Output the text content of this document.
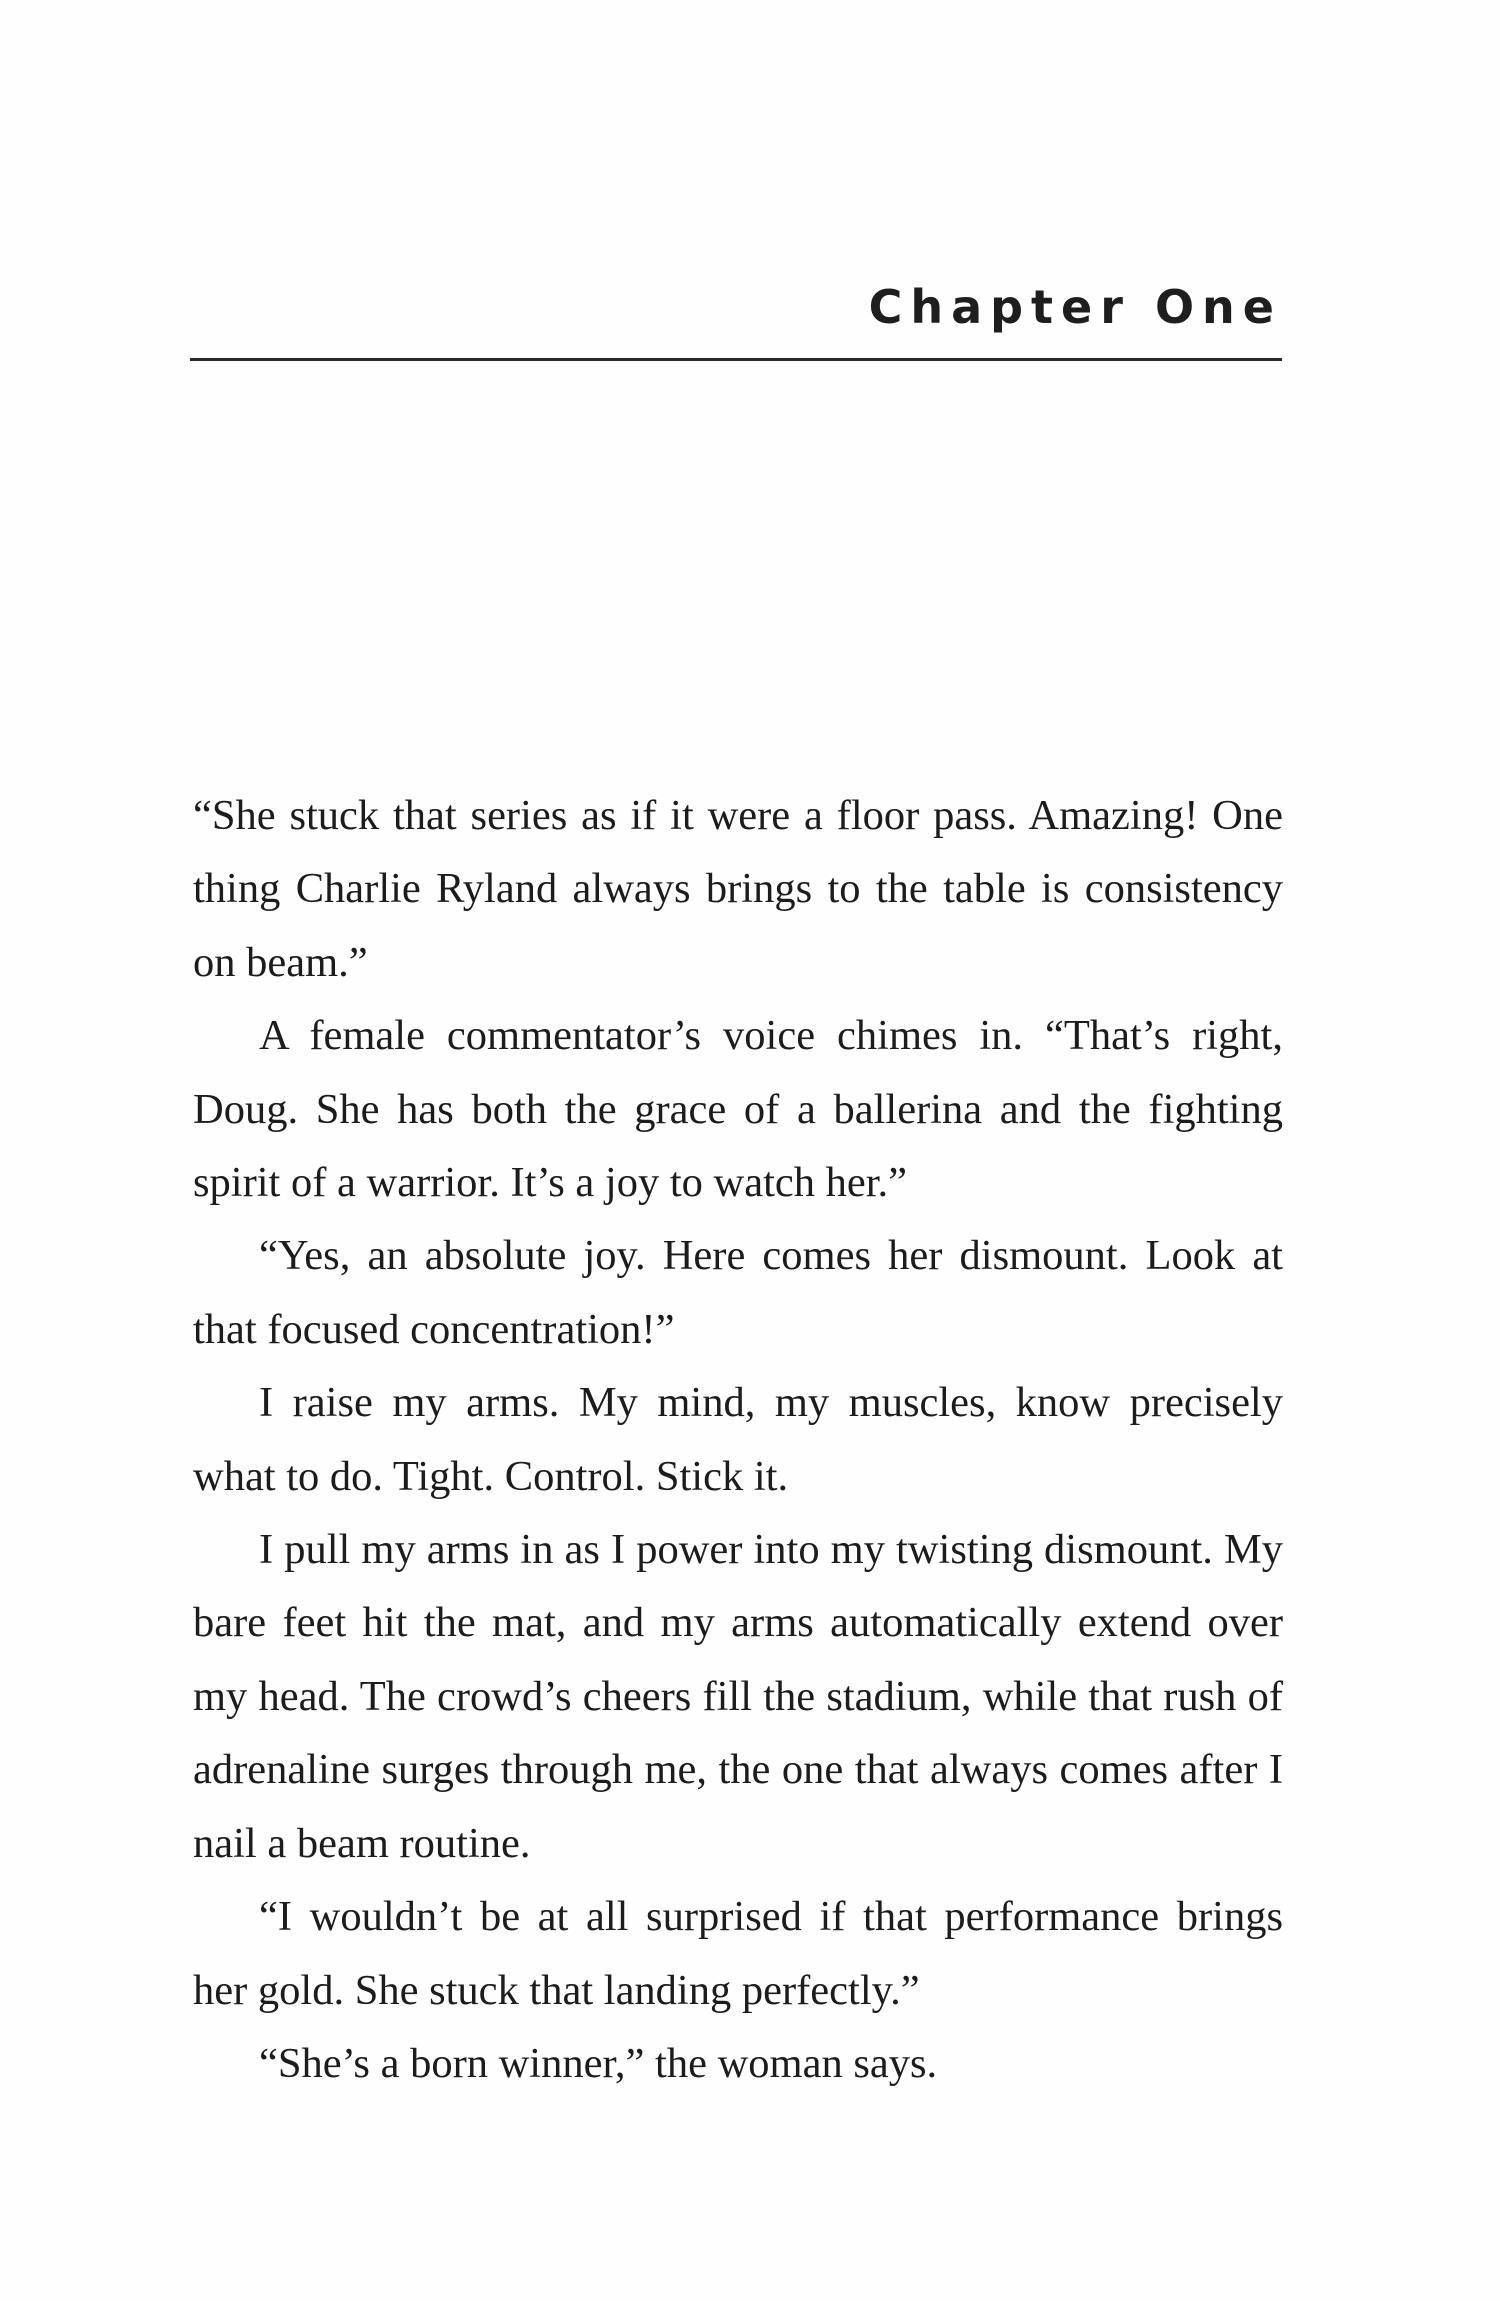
Chapter One

“She stuck that series as if it were a floor pass. Amazing! One thing Charlie Ryland always brings to the table is consistency on beam.”

A female commentator’s voice chimes in. “That’s right, Doug. She has both the grace of a ballerina and the fighting spirit of a warrior. It’s a joy to watch her.”

“Yes, an absolute joy. Here comes her dismount. Look at that focused concentration!”

I raise my arms. My mind, my muscles, know precisely what to do. Tight. Control. Stick it.

I pull my arms in as I power into my twisting dismount. My bare feet hit the mat, and my arms automatically extend over my head. The crowd’s cheers fill the stadium, while that rush of adrenaline surges through me, the one that always comes after I nail a beam routine.

“I wouldn’t be at all surprised if that performance brings her gold. She stuck that landing perfectly.”

“She’s a born winner,” the woman says.
